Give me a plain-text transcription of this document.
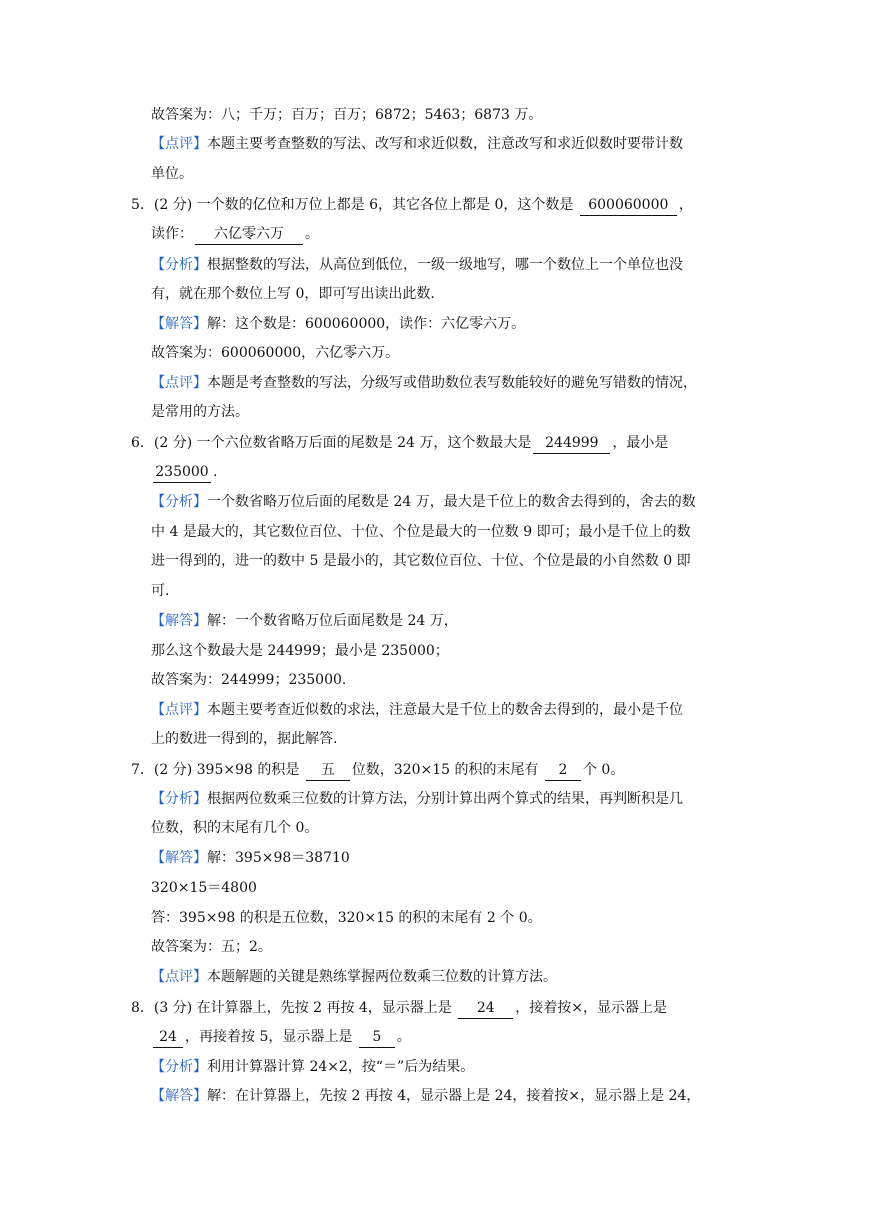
故答案为：八；千万；百万；百万；6872；5463；6873 万。
【点评】本题主要考查整数的写法、改写和求近似数，注意改写和求近似数时要带计数
单位。
5．(2 分) 一个数的亿位和万位上都是 6，其它各位上都是 0，这个数是 600060000 ，
读作： 六亿零六万 。
【分析】根据整数的写法，从高位到低位，一级一级地写，哪一个数位上一个单位也没
有，就在那个数位上写 0，即可写出读出此数.
【解答】解：这个数是：600060000，读作：六亿零六万。
故答案为：600060000，六亿零六万。
【点评】本题是考查整数的写法，分级写或借助数位表写数能较好的避免写错数的情况，
是常用的方法。
6．(2 分) 一个六位数省略万后面的尾数是 24 万，这个数最大是 244999 ，最小是
235000 .
【分析】一个数省略万位后面的尾数是 24 万，最大是千位上的数舍去得到的，舍去的数
中 4 是最大的，其它数位百位、十位、个位是最大的一位数 9 即可；最小是千位上的数
进一得到的，进一的数中 5 是最小的，其它数位百位、十位、个位是最的小自然数 0 即
可.
【解答】解：一个数省略万位后面尾数是 24 万，
那么这个数最大是 244999；最小是 235000；
故答案为：244999；235000.
【点评】本题主要考查近似数的求法，注意最大是千位上的数舍去得到的，最小是千位
上的数进一得到的，据此解答.
7．(2 分) 395×98 的积是 五 位数，320×15 的积的末尾有 2 个 0。
【分析】根据两位数乘三位数的计算方法，分别计算出两个算式的结果，再判断积是几
位数，积的末尾有几个 0。
【解答】解：395×98＝38710
320×15＝4800
答：395×98 的积是五位数，320×15 的积的末尾有 2 个 0。
故答案为：五；2。
【点评】本题解题的关键是熟练掌握两位数乘三位数的计算方法。
8．(3 分) 在计算器上，先按 2 再按 4，显示器上是 24 ，接着按×，显示器上是
24 ，再接着按 5，显示器上是 5 。
【分析】利用计算器计算 24×2，按“＝”后为结果。
【解答】解：在计算器上，先按 2 再按 4，显示器上是 24，接着按×，显示器上是 24，
